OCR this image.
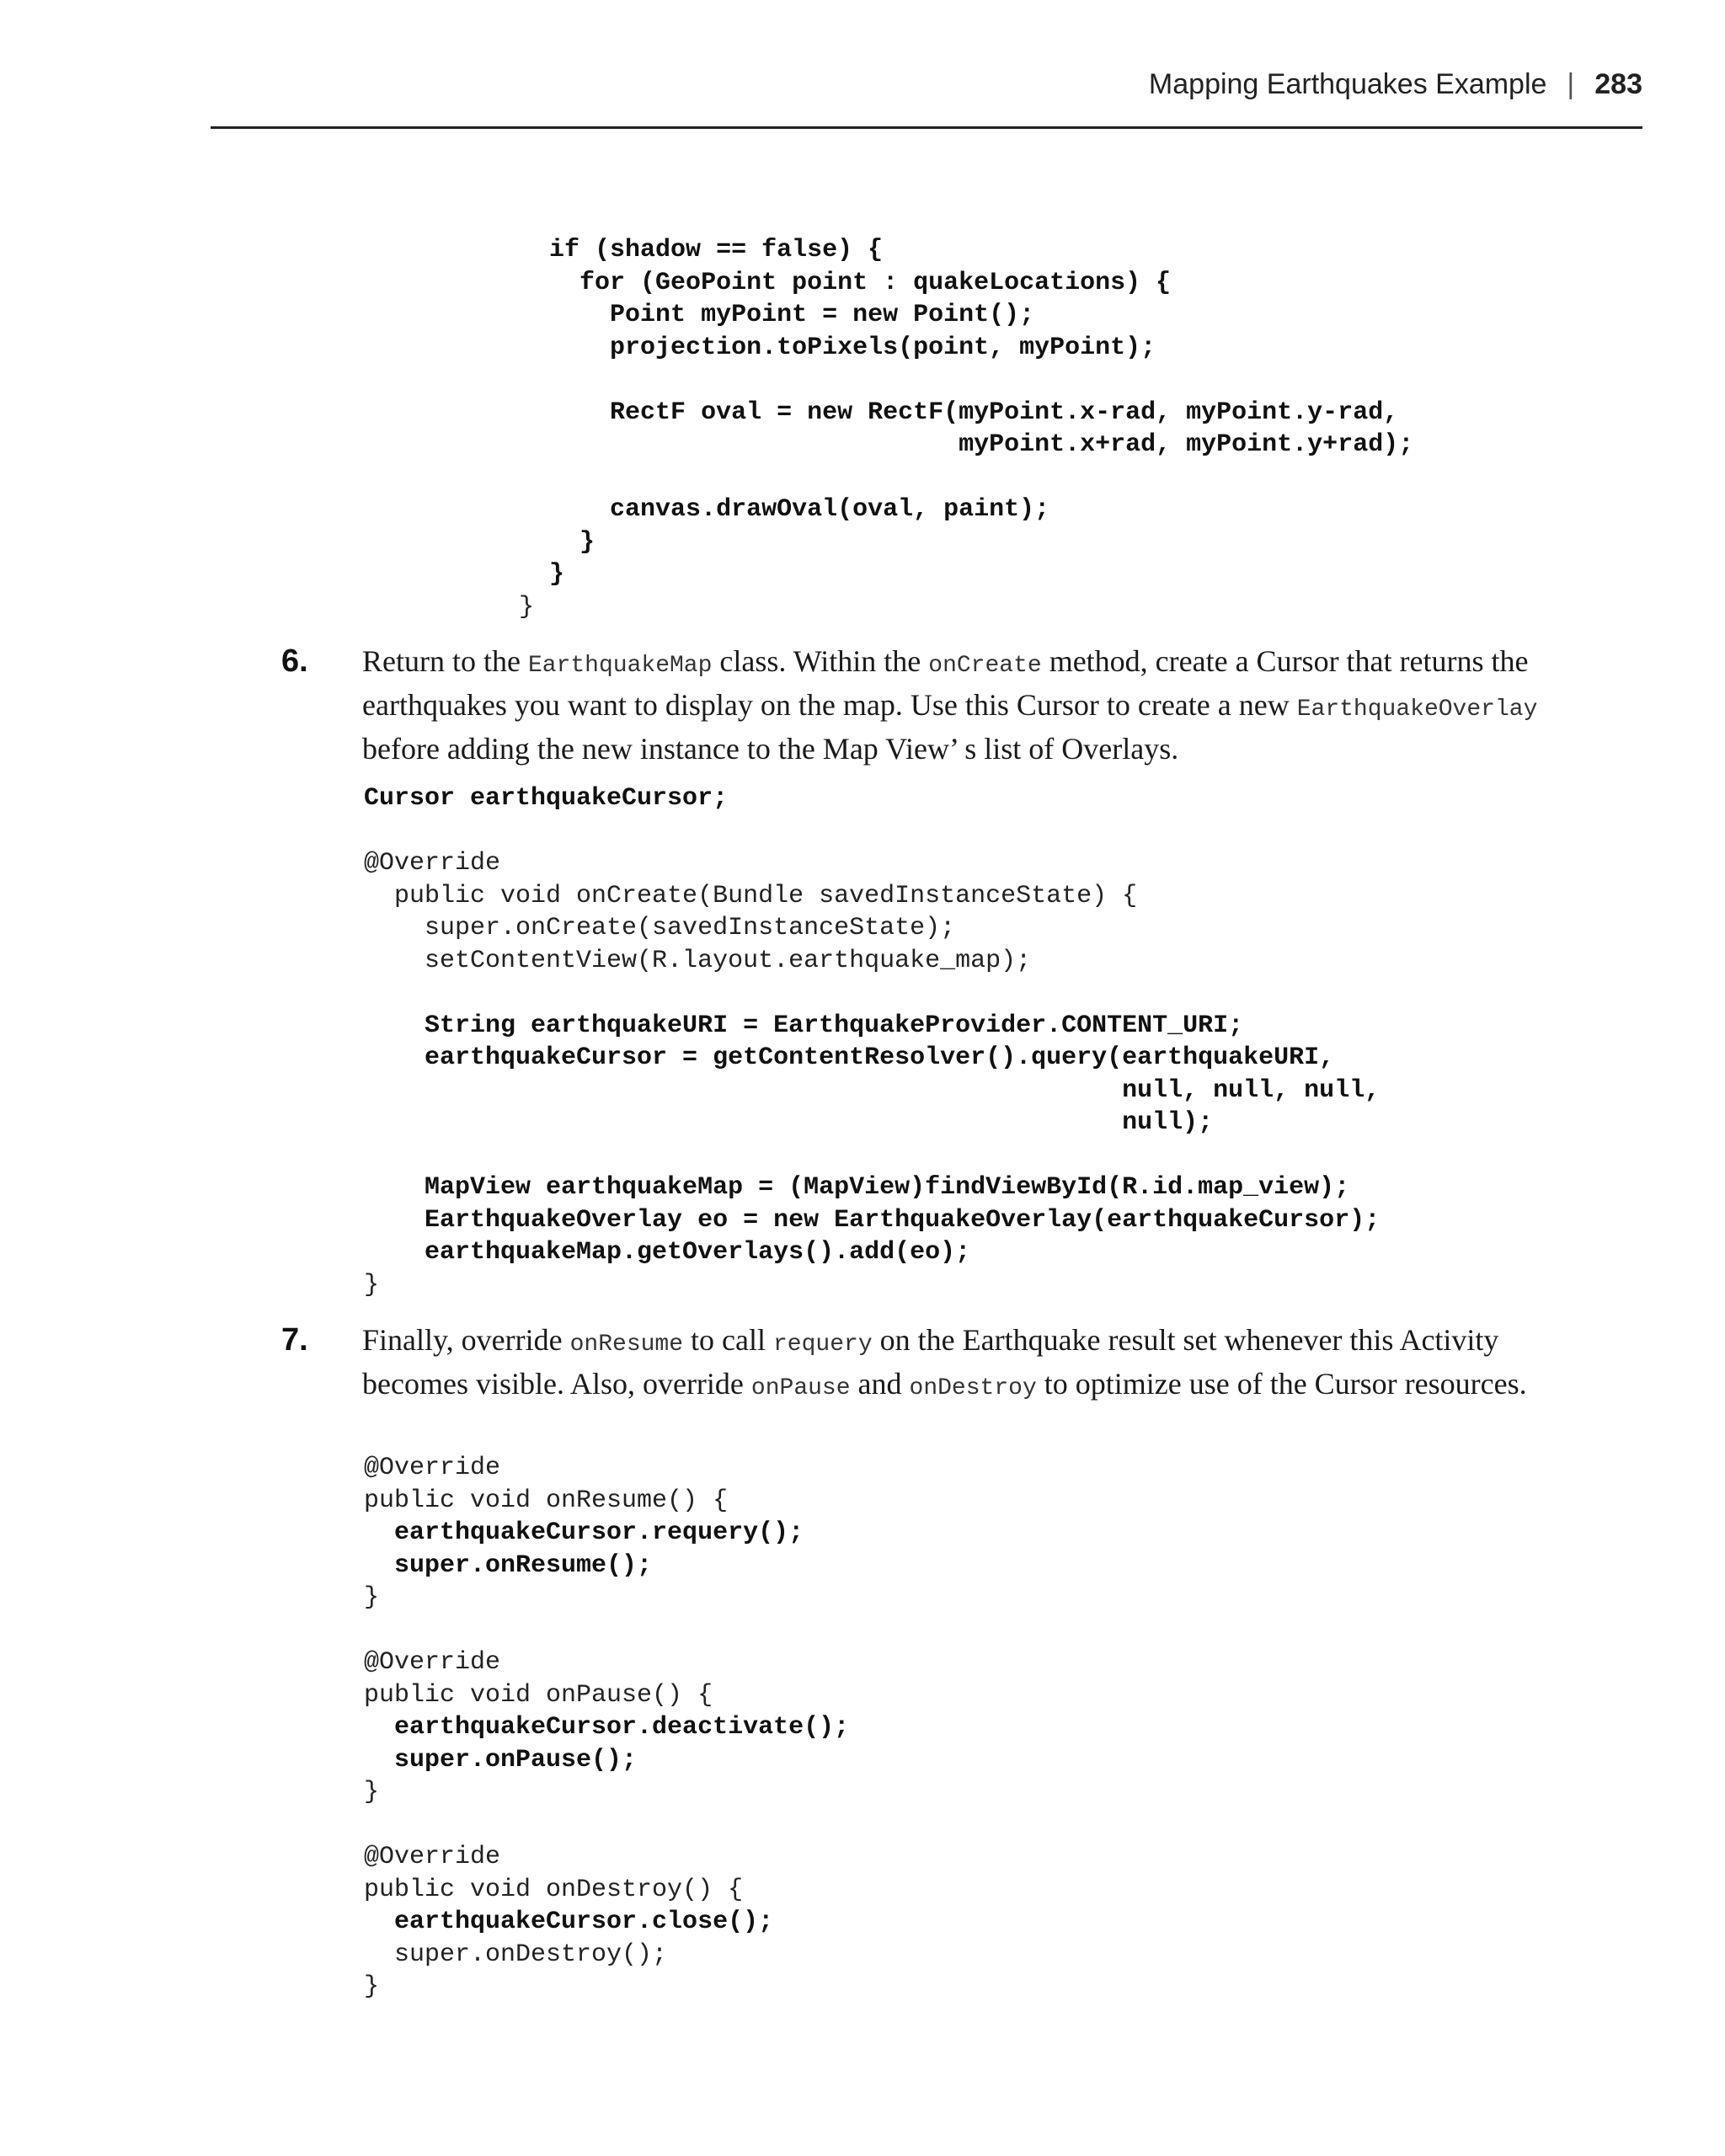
Mapping Earthquakes Example | 283
if (shadow == false) {
for (GeoPoint point : quakeLocations) {
Point myPoint = new Point();
projection.toPixels(point, myPoint);
RectF oval = new RectF(myPoint.x-rad, myPoint.y-rad,
myPoint.x+rad, myPoint.y+rad);
canvas.drawOval(oval, paint);
}
}
}
6. Return to the EarthquakeMap class. Within the onCreate method, create a Cursor that returns the earthquakes you want to display on the map. Use this Cursor to create a new EarthquakeOverlay before adding the new instance to the Map View’ s list of Overlays.

Cursor earthquakeCursor;
@Override
public void onCreate(Bundle savedInstanceState) {
super.onCreate(savedInstanceState);
setContentView(R.layout.earthquake_map);
String earthquakeURI = EarthquakeProvider.CONTENT_URI;
earthquakeCursor = getContentResolver().query(earthquakeURI,
null, null, null,
null);
MapView earthquakeMap = (MapView)findViewById(R.id.map_view);
EarthquakeOverlay eo = new EarthquakeOverlay(earthquakeCursor);
earthquakeMap.getOverlays().add(eo);
}
7. Finally, override onResume to call requery on the Earthquake result set whenever this Activity becomes visible. Also, override onPause and onDestroy to optimize use of the Cursor resources.

@Override
public void onResume() {
earthquakeCursor.requery();
super.onResume();
}
@Override
public void onPause() {
earthquakeCursor.deactivate();
super.onPause();
}
@Override
public void onDestroy() {
earthquakeCursor.close();
super.onDestroy();
}
